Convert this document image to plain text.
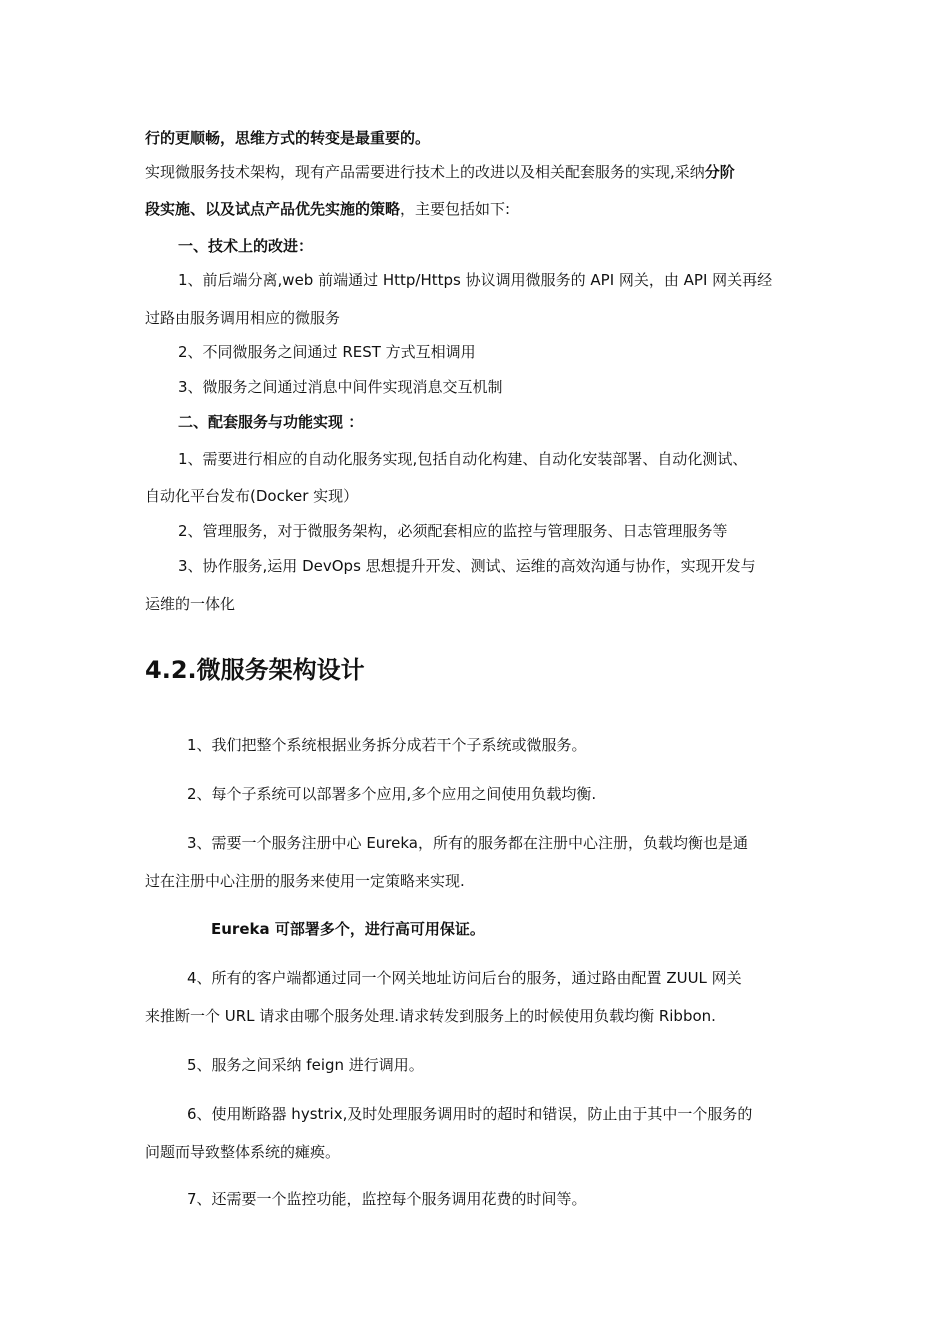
行的更顺畅，思维方式的转变是最重要的。
实现微服务技术架构，现有产品需要进行技术上的改进以及相关配套服务的实现,采纳分阶
段实施、以及试点产品优先实施的策略，主要包括如下:
一、技术上的改进：
1、前后端分离,web 前端通过 Http/Https 协议调用微服务的 API 网关，由 API 网关再经
过路由服务调用相应的微服务
2、不同微服务之间通过 REST 方式互相调用
3、微服务之间通过消息中间件实现消息交互机制
二、配套服务与功能实现 ：
1、需要进行相应的自动化服务实现,包括自动化构建、自动化安装部署、自动化测试、
自动化平台发布(Docker 实现）
2、管理服务，对于微服务架构，必须配套相应的监控与管理服务、日志管理服务等
3、协作服务,运用 DevOps 思想提升开发、测试、运维的高效沟通与协作，实现开发与
运维的一体化
4.2.微服务架构设计
1、我们把整个系统根据业务拆分成若干个子系统或微服务。
2、每个子系统可以部署多个应用,多个应用之间使用负载均衡.
3、需要一个服务注册中心 Eureka，所有的服务都在注册中心注册，负载均衡也是通
过在注册中心注册的服务来使用一定策略来实现.
Eureka 可部署多个，进行高可用保证。
4、所有的客户端都通过同一个网关地址访问后台的服务，通过路由配置 ZUUL 网关
来推断一个 URL 请求由哪个服务处理.请求转发到服务上的时候使用负载均衡 Ribbon.
5、服务之间采纳 feign 进行调用。
6、使用断路器 hystrix,及时处理服务调用时的超时和错误，防止由于其中一个服务的
问题而导致整体系统的瘫痪。
7、还需要一个监控功能，监控每个服务调用花费的时间等。
